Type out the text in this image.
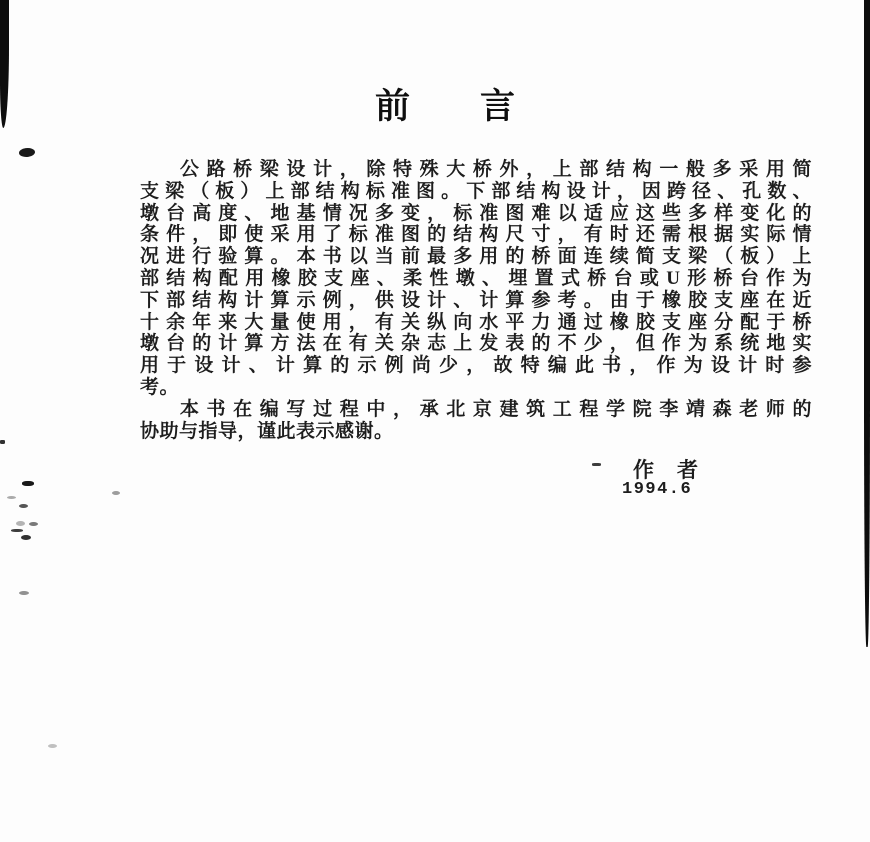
前　　言
公路桥梁设计，除特殊大桥外，上部结构一般多采用简
支梁（板）上部结构标准图。下部结构设计，因跨径、孔数、
墩台高度、地基情况多变，标准图难以适应这些多样变化的
条件，即使采用了标准图的结构尺寸，有时还需根据实际情
况进行验算。本书以当前最多用的桥面连续简支梁（板）上
部结构配用橡胶支座、柔性墩、埋置式桥台或U形桥台作为
下部结构计算示例，供设计、计算参考。由于橡胶支座在近
十余年来大量使用，有关纵向水平力通过橡胶支座分配于桥
墩台的计算方法在有关杂志上发表的不少，但作为系统地实
用于设计、计算的示例尚少，故特编此书，作为设计时参
考。
本书在编写过程中，承北京建筑工程学院李靖森老师的
协助与指导，谨此表示感谢。
作　者
1994.6
